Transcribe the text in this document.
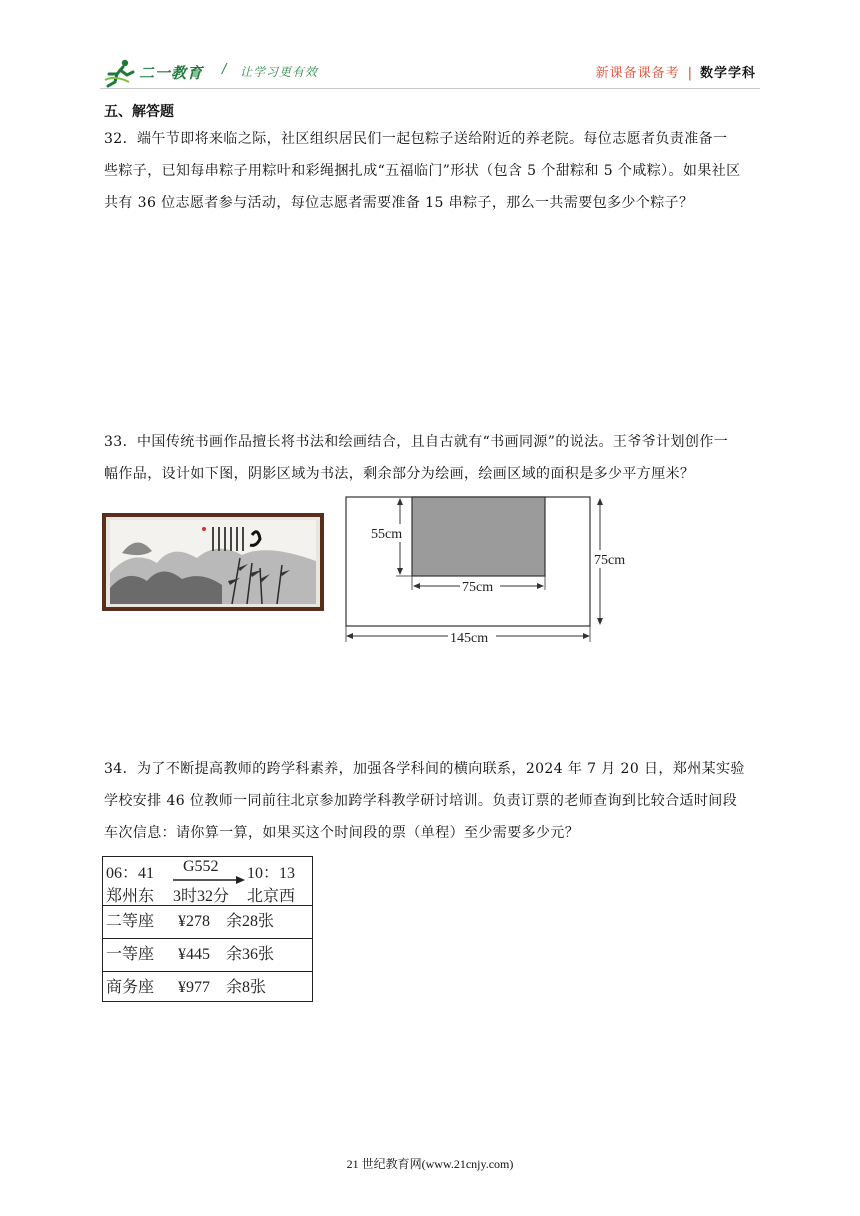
二一教育 / 让学习更有效	新课备课备考 | 数学学科
五、解答题

32．端午节即将来临之际，社区组织居民们一起包粽子送给附近的养老院。每位志愿者负责准备一

些粽子，已知每串粽子用粽叶和彩绳捆扎成“五福临门”形状（包含 5 个甜粽和 5 个咸粽）。如果社区

共有 36 位志愿者参与活动，每位志愿者需要准备 15 串粽子，那么一共需要包多少个粽子？

33．中国传统书画作品擅长将书法和绘画结合，且自古就有“书画同源”的说法。王爷爷计划创作一

幅作品，设计如下图，阴影区域为书法，剩余部分为绘画，绘画区域的面积是多少平方厘米？

55cm
75cm
75cm
145cm

34．为了不断提高教师的跨学科素养，加强各学科间的横向联系，2024 年 7 月 20 日，郑州某实验

学校安排 46 位教师一同前往北京参加跨学科教学研讨培训。负责订票的老师查询到比较合适时间段

车次信息：请你算一算，如果买这个时间段的票（单程）至少需要多少元？

06：41 G552 10：13
郑州东 3时32分 北京西
二等座 ¥278 余28张
一等座 ¥445 余36张
商务座 ¥977 余8张
21 世纪教育网(www.21cnjy.com)
